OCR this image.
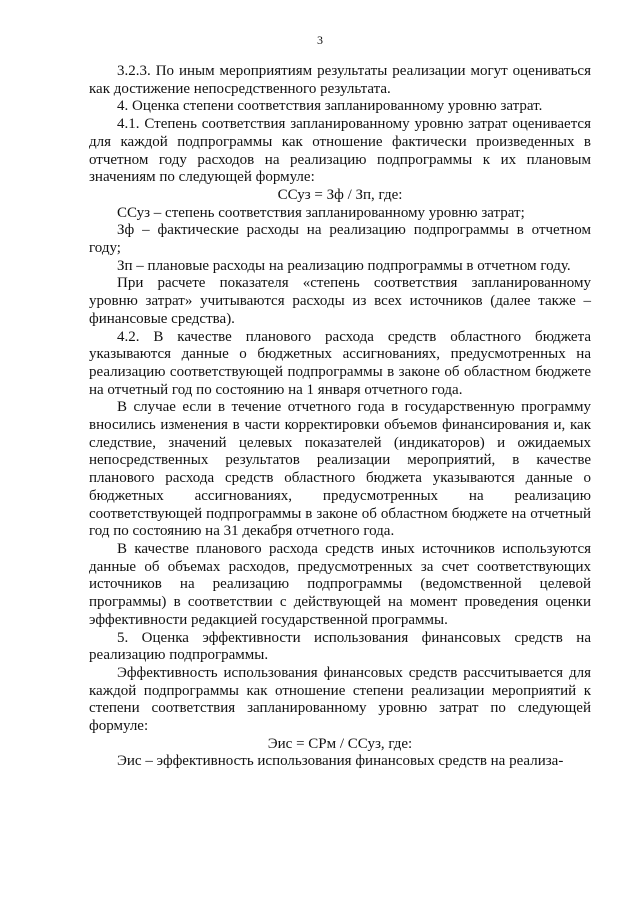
3

3.2.3. По иным мероприятиям результаты реализации могут оцениваться как достижение непосредственного результата.

4. Оценка степени соответствия запланированному уровню затрат.

4.1. Степень соответствия запланированному уровню затрат оценивается для каждой подпрограммы как отношение фактически произведенных в отчетном году расходов на реализацию подпрограммы к их плановым значениям по следующей формуле:

ССуз = Зф / Зп, где:

ССуз – степень соответствия запланированному уровню затрат;

Зф – фактические расходы на реализацию подпрограммы в отчетном году;

Зп – плановые расходы на реализацию подпрограммы в отчетном году.

При расчете показателя «степень соответствия запланированному уровню затрат» учитываются расходы из всех источников (далее также – финансовые средства).

4.2. В качестве планового расхода средств областного бюджета указываются данные о бюджетных ассигнованиях, предусмотренных на реализацию соответствующей подпрограммы в законе об областном бюджете на отчетный год по состоянию на 1 января отчетного года.

В случае если в течение отчетного года в государственную программу вносились изменения в части корректировки объемов финансирования и, как следствие, значений целевых показателей (индикаторов) и ожидаемых непосредственных результатов реализации мероприятий, в качестве планового расхода средств областного бюджета указываются данные о бюджетных ассигнованиях, предусмотренных на реализацию соответствующей подпрограммы в законе об областном бюджете на отчетный год по состоянию на 31 декабря отчетного года.

В качестве планового расхода средств иных источников используются данные об объемах расходов, предусмотренных за счет соответствующих источников на реализацию подпрограммы (ведомственной целевой программы) в соответствии с действующей на момент проведения оценки эффективности редакцией государственной программы.

5. Оценка эффективности использования финансовых средств на реализацию подпрограммы.

Эффективность использования финансовых средств рассчитывается для каждой подпрограммы как отношение степени реализации мероприятий к степени соответствия запланированному уровню затрат по следующей формуле:

Эис = СРм / ССуз, где:

Эис – эффективность использования финансовых средств на реализа-
